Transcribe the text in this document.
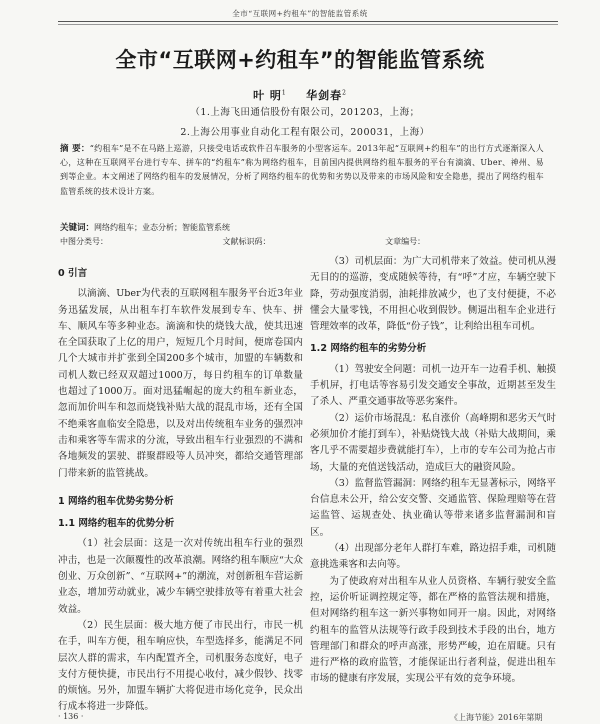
全市“互联网+约租车”的智能监管系统
全市“互联网+约租车”的智能监管系统
叶 明$^1$ 华剑春$^2$
（1.上海飞田通信股份有限公司，201203，上海；
2.上海公用事业自动化工程有限公司，200031，上海）
摘 要：“约租车”是不在马路上巡游，只接受电话或软件召车服务的小型客运车。2013年起“互联网+约租车”的出行方式逐渐深入人心，这种在互联网平台进行专车、拼车的“约租车”称为网络约租车，目前国内提供网络约租车服务的平台有滴滴、Uber、神州、易到等企业。本文阐述了网络约租车的发展情况，分析了网络约租车的优势和劣势以及带来的市场风险和安全隐患，提出了网络约租车监管系统的技术设计方案。
关键词：网络约租车；业态分析；智能监管系统
中图分类号：	文献标识码：	文章编号：
0 引言

以滴滴、Uber为代表的互联网租车服务平台近3年业务迅猛发展，从出租车打车软件发展到专车、快车、拼车、顺风车等多种业态。滴滴和快的烧钱大战，使其迅速在全国获取了上亿的用户，短短几个月时间，便席卷国内几个大城市并扩张到全国200多个城市，加盟的车辆数和司机人数已经双双超过1000万，每日约租车的订单数量也超过了1000万。面对迅猛崛起的庞大约租车新业态，忽而加价叫车和忽而烧钱补贴大战的混乱市场，还有全国不绝乘客血临安全隐患，以及对出传统租车业务的强烈冲击和乘客等车需求的分流，导致出租车行业强烈的不满和各地频发的罢驶、群聚群殴等人员冲突，都给交通管理部门带来新的监管挑战。

1 网络约租车优势劣势分析
1.1 网络约租车的优势分析

（1）社会层面：这是一次对传统出租车行业的强烈冲击，也是一次颠覆性的改革浪潮。网络约租车顺应“大众创业、万众创新”、“互联网+”的潮流，对创新租车营运新业态，增加劳动就业，减少车辆空驶排放等有着重大社会效益。

（2）民生层面：极大地方便了市民出行，市民一机在手，叫车方便，租车响应快，车型选择多，能满足不同层次人群的需求，车内配置齐全，司机服务态度好，电子支付方便快捷，市民出行不用提心收付，减少假钞、找零的烦恼。另外，加盟车辆扩大将促进市场化竞争，民众出行成本将进一步降低。

（3）司机层面：为广大司机带来了效益。使司机从漫无目的的巡游，变成随候等待，有“呼”才应，车辆空驶下降，劳动强度消弱，油耗排放减少，也了支付便捷，不必懂会大量零钱，不用担心收到假钞。侧逼出租车企业进行管理效率的改革，降低“份子钱”，让利给出租车司机。

1.2 网络约租车的劣势分析

（1）驾驶安全问题：司机一边开车一边看手机、触摸手机屏，打电话等容易引发交通安全事故，近期甚至发生了杀人、严重交通事故等恶劣案件。

（2）运价市场混乱：私自涨价（高峰期和恶劣天气时必须加价才能打到车），补贴烧钱大战（补贴大战期间，乘客几乎不需要超步费就能打车），上市的专车公司为抢占市场，大量的充值送钱活动，造成巨大的融资风险。

（3）监督监管漏洞：网络约租车无显著标示，网络平台信息未公开，给公安交警、交通监管、保险理赔等在营运监管、运规查处、执业确认等带来诸多监督漏洞和盲区。

（4）出现部分老年人群打车难，路边招手难，司机随意挑选乘客和去向等。

为了使政府对出租车从业人员资格、车辆行驶安全监控，运价听证调控规定等，都在严格的监管法规和措施，但对网络约租车这一新兴事物如同开一扇。因此，对网络约租车的监管从法规等行政手段到技术手段的出台，地方管理部门和群众的呼声高涨，形势严峻，迫在眉睫。只有进行严格的政府监管，才能保证出行者利益，促进出租车市场的健康有序发展，实现公平有效的竞争环境。

· 136 ·	《上海节能》2016年第期
